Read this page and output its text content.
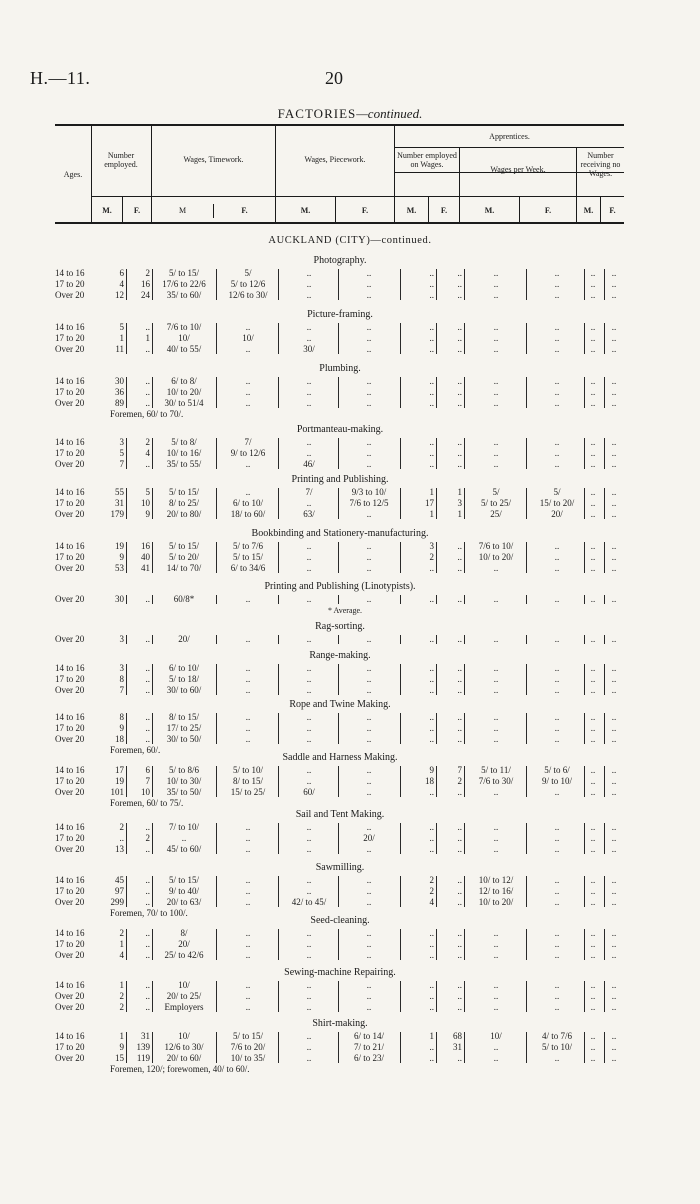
H.—11.	20
FACTORIES—continued.
Ages.
Number employed.
Wages, Timework.	Wages, Piecework.
Apprentices.
Number employed on Wages.
Wages per Week.
Number receiving no Wages.
M.	F.	M	F.	M.	F.	M.	F.	M.	F.	M.	F.
AUCKLAND (CITY)—continued.
Photography.
14 to 16	6	2	5/ to 15/	5/	..	..	..	..	..	..	..	..
17 to 20	4	16	17/6 to 22/6	5/ to 12/6	..	..	..	..	..	..	..	..
Over 20	12	24	35/ to 60/	12/6 to 30/	..	..	..	..	..	..	..	..
Picture-framing.
14 to 16	5	..	7/6 to 10/	..	..	..	..	..	..	..	..	..
17 to 20	1	1	10/	10/	..	..	..	..	..	..	..	..
Over 20	11	..	40/ to 55/	..	30/	..	..	..	..	..	..	..
Plumbing.
14 to 16	30	..	6/ to 8/	..	..	..	..	..	..	..	..	..
17 to 20	36	..	10/ to 20/	..	..	..	..	..	..	..	..	..
Over 20	89	..	30/ to 51/4	..	..	..	..	..	..	..	..	..
Foremen, 60/ to 70/.
Portmanteau-making.
14 to 16	3	2	5/ to 8/	7/	..	..	..	..	..	..	..	..
17 to 20	5	4	10/ to 16/	9/ to 12/6	..	..	..	..	..	..	..	..
Over 20	7	..	35/ to 55/	..	46/	..	..	..	..	..	..	..
Printing and Publishing.
14 to 16	55	5	5/ to 15/	..	7/	9/3 to 10/	1	1	5/	5/	..	..
17 to 20	31	10	8/ to 25/	6/ to 10/	..	7/6 to 12/5	17	3	5/ to 25/	15/ to 20/	..	..
Over 20	179	9	20/ to 80/	18/ to 60/	63/	..	1	1	25/	20/	..	..
Bookbinding and Stationery-manufacturing.
14 to 16	19	16	5/ to 15/	5/ to 7/6	..	..	3	..	7/6 to 10/	..	..	..
17 to 20	9	40	5/ to 20/	5/ to 15/	..	..	2	..	10/ to 20/	..	..	..
Over 20	53	41	14/ to 70/	6/ to 34/6	..	..	..	..	..	..	..	..
Printing and Publishing (Linotypists).
Over 20	30	..	60/8*	..	..	..	..	..	..	..	..	..
* Average.
Rag-sorting.
Over 20	3	..	20/	..	..	..	..	..	..	..	..	..
Range-making.
14 to 16	3	..	6/ to 10/	..	..	..	..	..	..	..	..	..
17 to 20	8	..	5/ to 18/	..	..	..	..	..	..	..	..	..
Over 20	7	..	30/ to 60/	..	..	..	..	..	..	..	..	..
Rope and Twine Making.
14 to 16	8	..	8/ to 15/	..	..	..	..	..	..	..	..	..
17 to 20	9	..	17/ to 25/	..	..	..	..	..	..	..	..	..
Over 20	18	..	30/ to 50/	..	..	..	..	..	..	..	..	..
Foremen, 60/.
Saddle and Harness Making.
14 to 16	17	6	5/ to 8/6	5/ to 10/	..	..	9	7	5/ to 11/	5/ to 6/	..	..
17 to 20	19	7	10/ to 30/	8/ to 15/	..	..	18	2	7/6 to 30/	9/ to 10/	..	..
Over 20	101	10	35/ to 50/	15/ to 25/	60/	..	..	..	..	..	..	..
Foremen, 60/ to 75/.
Sail and Tent Making.
14 to 16	2	..	7/ to 10/	..	..	..	..	..	..	..	..	..
17 to 20	..	2	..	..	..	20/	..	..	..	..	..	..
Over 20	13	..	45/ to 60/	..	..	..	..	..	..	..	..	..
Sawmilling.
14 to 16	45	..	5/ to 15/	..	..	..	2	..	10/ to 12/	..	..	..
17 to 20	97	..	9/ to 40/	..	..	..	2	..	12/ to 16/	..	..	..
Over 20	299	..	20/ to 63/	..	42/ to 45/	..	4	..	10/ to 20/	..	..	..
Foremen, 70/ to 100/.
Seed-cleaning.
14 to 16	2	..	8/	..	..	..	..	..	..	..	..	..
17 to 20	1	..	20/	..	..	..	..	..	..	..	..	..
Over 20	4	..	25/ to 42/6	..	..	..	..	..	..	..	..	..
Sewing-machine Repairing.
14 to 16	1	..	10/	..	..	..	..	..	..	..	..	..
Over 20	2	..	20/ to 25/	..	..	..	..	..	..	..	..	..
Over 20	2	..	Employers	..	..	..	..	..	..	..	..	..
Shirt-making.
14 to 16	1	31	10/	5/ to 15/	..	6/ to 14/	1	68	10/	4/ to 7/6	..	..
17 to 20	9	139	12/6 to 30/	7/6 to 20/	..	7/ to 21/	..	31	..	5/ to 10/	..	..
Over 20	15	119	20/ to 60/	10/ to 35/	..	6/ to 23/	..	..	..	..	..	..
Foremen, 120/; forewomen, 40/ to 60/.
